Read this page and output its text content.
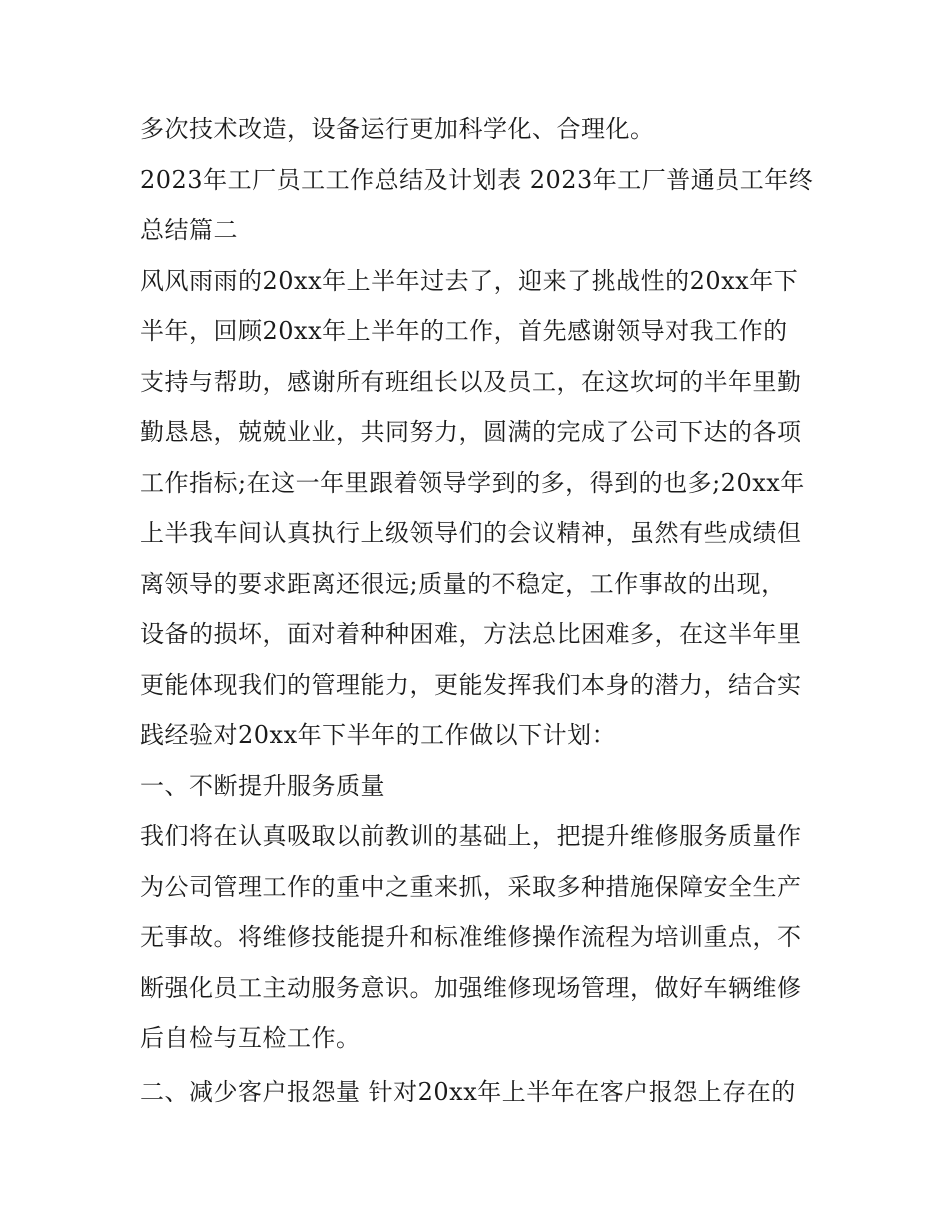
多次技术改造，设备运行更加科学化、合理化。
2023年工厂员工工作总结及计划表 2023年工厂普通员工年终
总结篇二
风风雨雨的20xx年上半年过去了，迎来了挑战性的20xx年下
半年，回顾20xx年上半年的工作，首先感谢领导对我工作的
支持与帮助，感谢所有班组长以及员工，在这坎坷的半年里勤
勤恳恳，兢兢业业，共同努力，圆满的完成了公司下达的各项
工作指标;在这一年里跟着领导学到的多，得到的也多;20xx年
上半我车间认真执行上级领导们的会议精神，虽然有些成绩但
离领导的要求距离还很远;质量的不稳定，工作事故的出现，
设备的损坏，面对着种种困难，方法总比困难多，在这半年里
更能体现我们的管理能力，更能发挥我们本身的潜力，结合实
践经验对20xx年下半年的工作做以下计划：
一、不断提升服务质量
我们将在认真吸取以前教训的基础上，把提升维修服务质量作
为公司管理工作的重中之重来抓，采取多种措施保障安全生产
无事故。将维修技能提升和标准维修操作流程为培训重点，不
断强化员工主动服务意识。加强维修现场管理，做好车辆维修
后自检与互检工作。
二、减少客户报怨量 针对20xx年上半年在客户报怨上存在的
